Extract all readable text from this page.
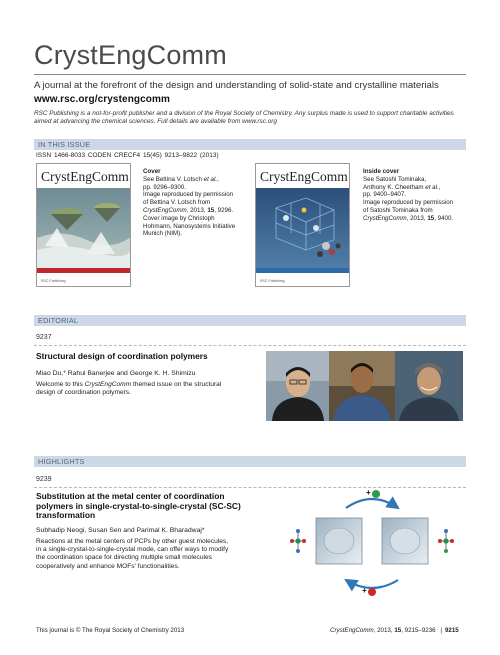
CrystEngComm
A journal at the forefront of the design and understanding of solid-state and crystalline materials
www.rsc.org/crystengcomm
RSC Publishing is a not-for-profit publisher and a division of the Royal Society of Chemistry. Any surplus made is used to support charitable activities aimed at advancing the chemical sciences. Full details are available from www.rsc.org
IN THIS ISSUE
ISSN 1466-8033 CODEN CRECF4 15(45) 9213–9822 (2013)
CrystEngComm
RSC Publishing
Cover
See Bettina V. Lotsch et al.,
pp. 9296–9300.
Image reproduced by permission
of Bettina V. Lotsch from
CrystEngComm, 2013, 15, 9296.
Cover image by Christoph
Hohmann, Nanosystems Initiative
Munich (NIM).
CrystEngComm
RSC Publishing
Inside cover
See Satoshi Tominaka,
Anthony K. Cheetham et al.,
pp. 9400–9407.
Image reproduced by permission
of Satoshi Tominaka from
CrystEngComm, 2013, 15, 9400.
EDITORIAL
9237
Structural design of coordination polymers
Miao Du,* Rahul Banerjee and George K. H. Shimizu
Welcome to this CrystEngComm themed issue on the structural
design of coordination polymers.
HIGHLIGHTS
9239
Substitution at the metal center of coordination
polymers in single-crystal-to-single-crystal (SC-SC)
transformation
Subhadip Neogi, Susan Sen and Parimal K. Bharadwaj*
Reactions at the metal centers of PCPs by other guest molecules,
in a single-crystal-to-single-crystal mode, can offer ways to modify
the coordination space for directing multiple small molecules
cooperatively and enhance MOFs' functionalities.
+
+
This journal is © The Royal Society of Chemistry 2013	CrystEngComm, 2013, 15, 9215–9236 | 9215
